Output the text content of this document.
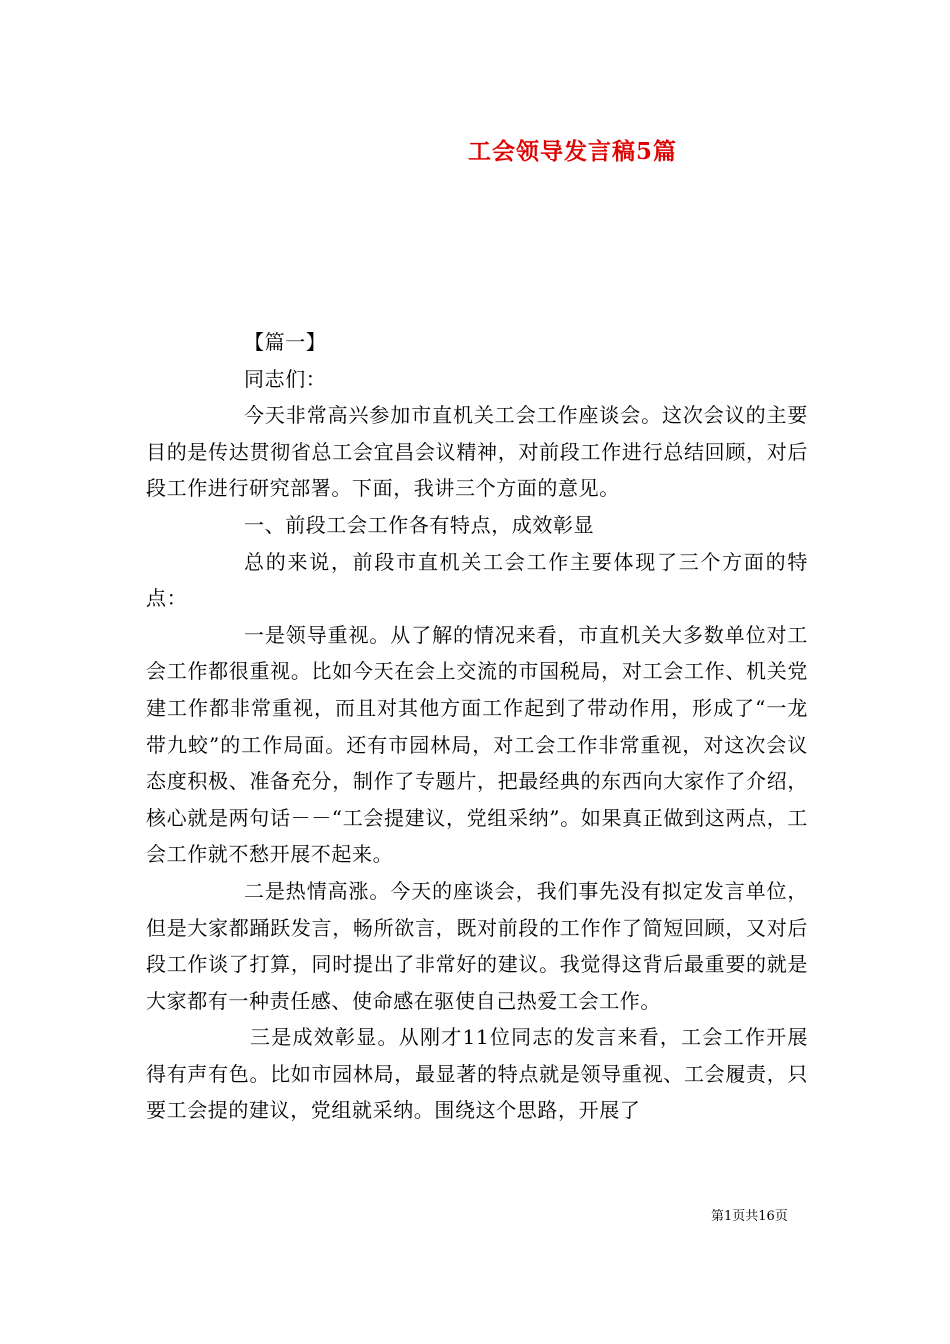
工会领导发言稿5篇

【篇一】

同志们：

今天非常高兴参加市直机关工会工作座谈会。这次会议的主要目的是传达贯彻省总工会宜昌会议精神，对前段工作进行总结回顾，对后段工作进行研究部署。下面，我讲三个方面的意见。

一、前段工会工作各有特点，成效彰显

总的来说，前段市直机关工会工作主要体现了三个方面的特点：

一是领导重视。从了解的情况来看，市直机关大多数单位对工会工作都很重视。比如今天在会上交流的市国税局，对工会工作、机关党建工作都非常重视，而且对其他方面工作起到了带动作用，形成了“一龙带九蛟”的工作局面。还有市园林局，对工会工作非常重视，对这次会议态度积极、准备充分，制作了专题片，把最经典的东西向大家作了介绍，核心就是两句话－－“工会提建议，党组采纳”。如果真正做到这两点，工会工作就不愁开展不起来。

二是热情高涨。今天的座谈会，我们事先没有拟定发言单位，但是大家都踊跃发言，畅所欲言，既对前段的工作作了简短回顾，又对后段工作谈了打算，同时提出了非常好的建议。我觉得这背后最重要的就是大家都有一种责任感、使命感在驱使自己热爱工会工作。

三是成效彰显。从刚才11位同志的发言来看，工会工作开展得有声有色。比如市园林局，最显著的特点就是领导重视、工会履责，只要工会提的建议，党组就采纳。围绕这个思路，开展了

第1页共16页
